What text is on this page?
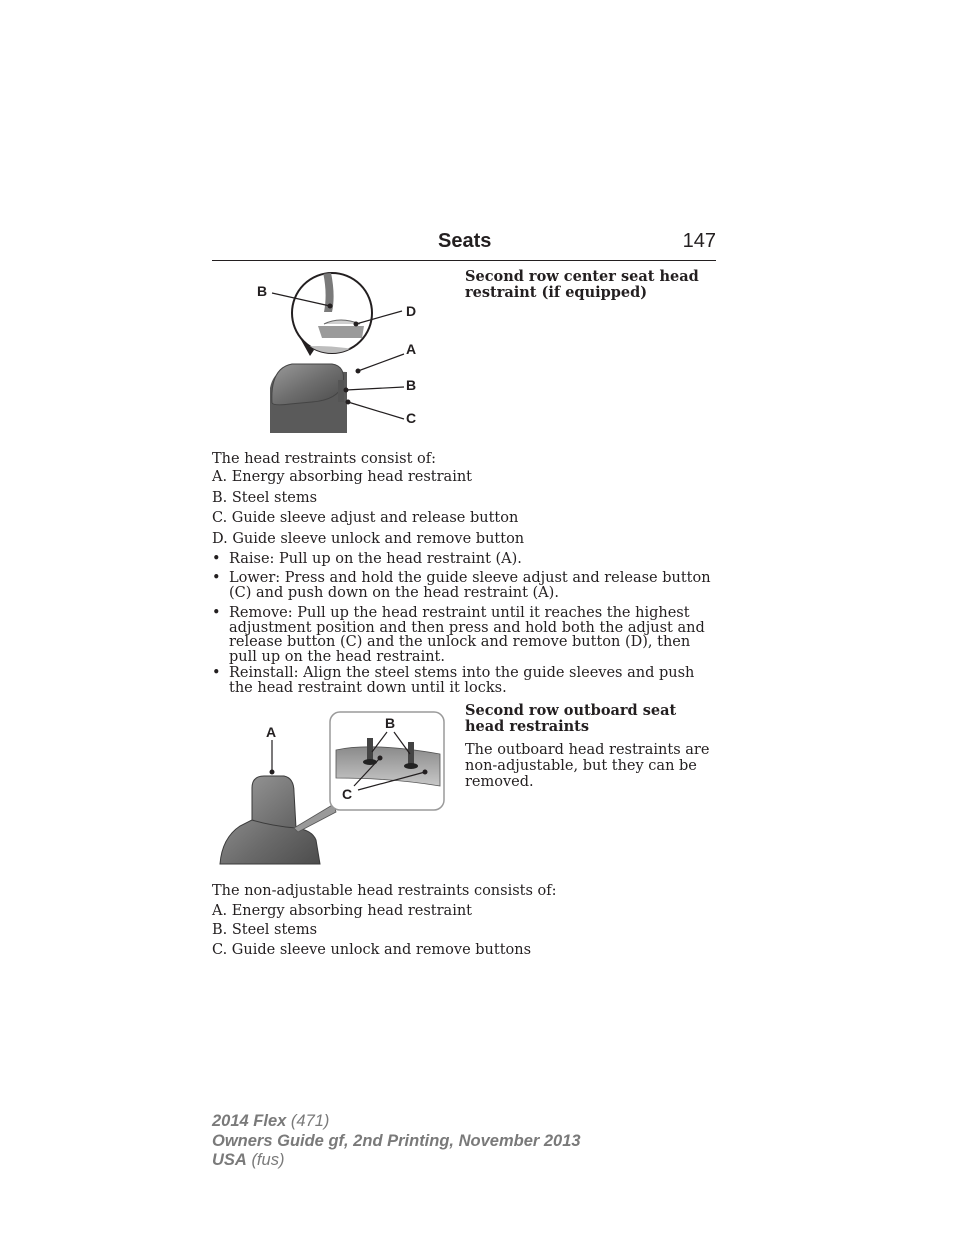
Seats	147
B
D
A
B
C
Second row center seat head restraint (if equipped)
The head restraints consist of:
A. Energy absorbing head restraint
B. Steel stems
C. Guide sleeve adjust and release button
D. Guide sleeve unlock and remove button
• Raise: Pull up on the head restraint (A).
• Lower: Press and hold the guide sleeve adjust and release button (C) and push down on the head restraint (A).
• Remove: Pull up the head restraint until it reaches the highest adjustment position and then press and hold both the adjust and release button (C) and the unlock and remove button (D), then pull up on the head restraint.
• Reinstall: Align the steel stems into the guide sleeves and push the head restraint down until it locks.
A
B
C
Second row outboard seat head restraints
The outboard head restraints are non-adjustable, but they can be removed.
The non-adjustable head restraints consists of:
A. Energy absorbing head restraint
B. Steel stems
C. Guide sleeve unlock and remove buttons
2014 Flex (471)
Owners Guide gf, 2nd Printing, November 2013
USA (fus)
